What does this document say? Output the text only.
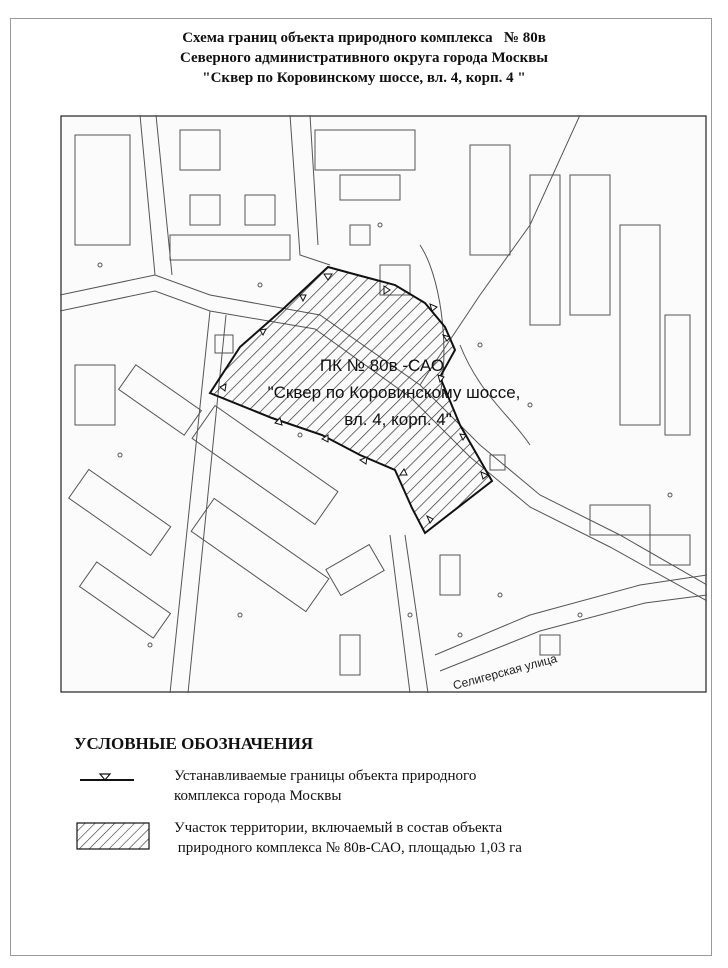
Схема границ объекта природного комплекса   № 80в
Северного административного округа города Москвы
"Сквер по Коровинскому шоссе, вл. 4, корп. 4 "
ПК № 80в -САО
"Сквер по Коровинскому шоссе,
вл. 4, корп. 4"
Селигерская улица
УСЛОВНЫЕ ОБОЗНАЧЕНИЯ
Устанавливаемые границы объекта природного
комплекса города Москвы
Участок территории, включаемый в состав объекта
природного комплекса № 80в-САО, площадью 1,03 га
